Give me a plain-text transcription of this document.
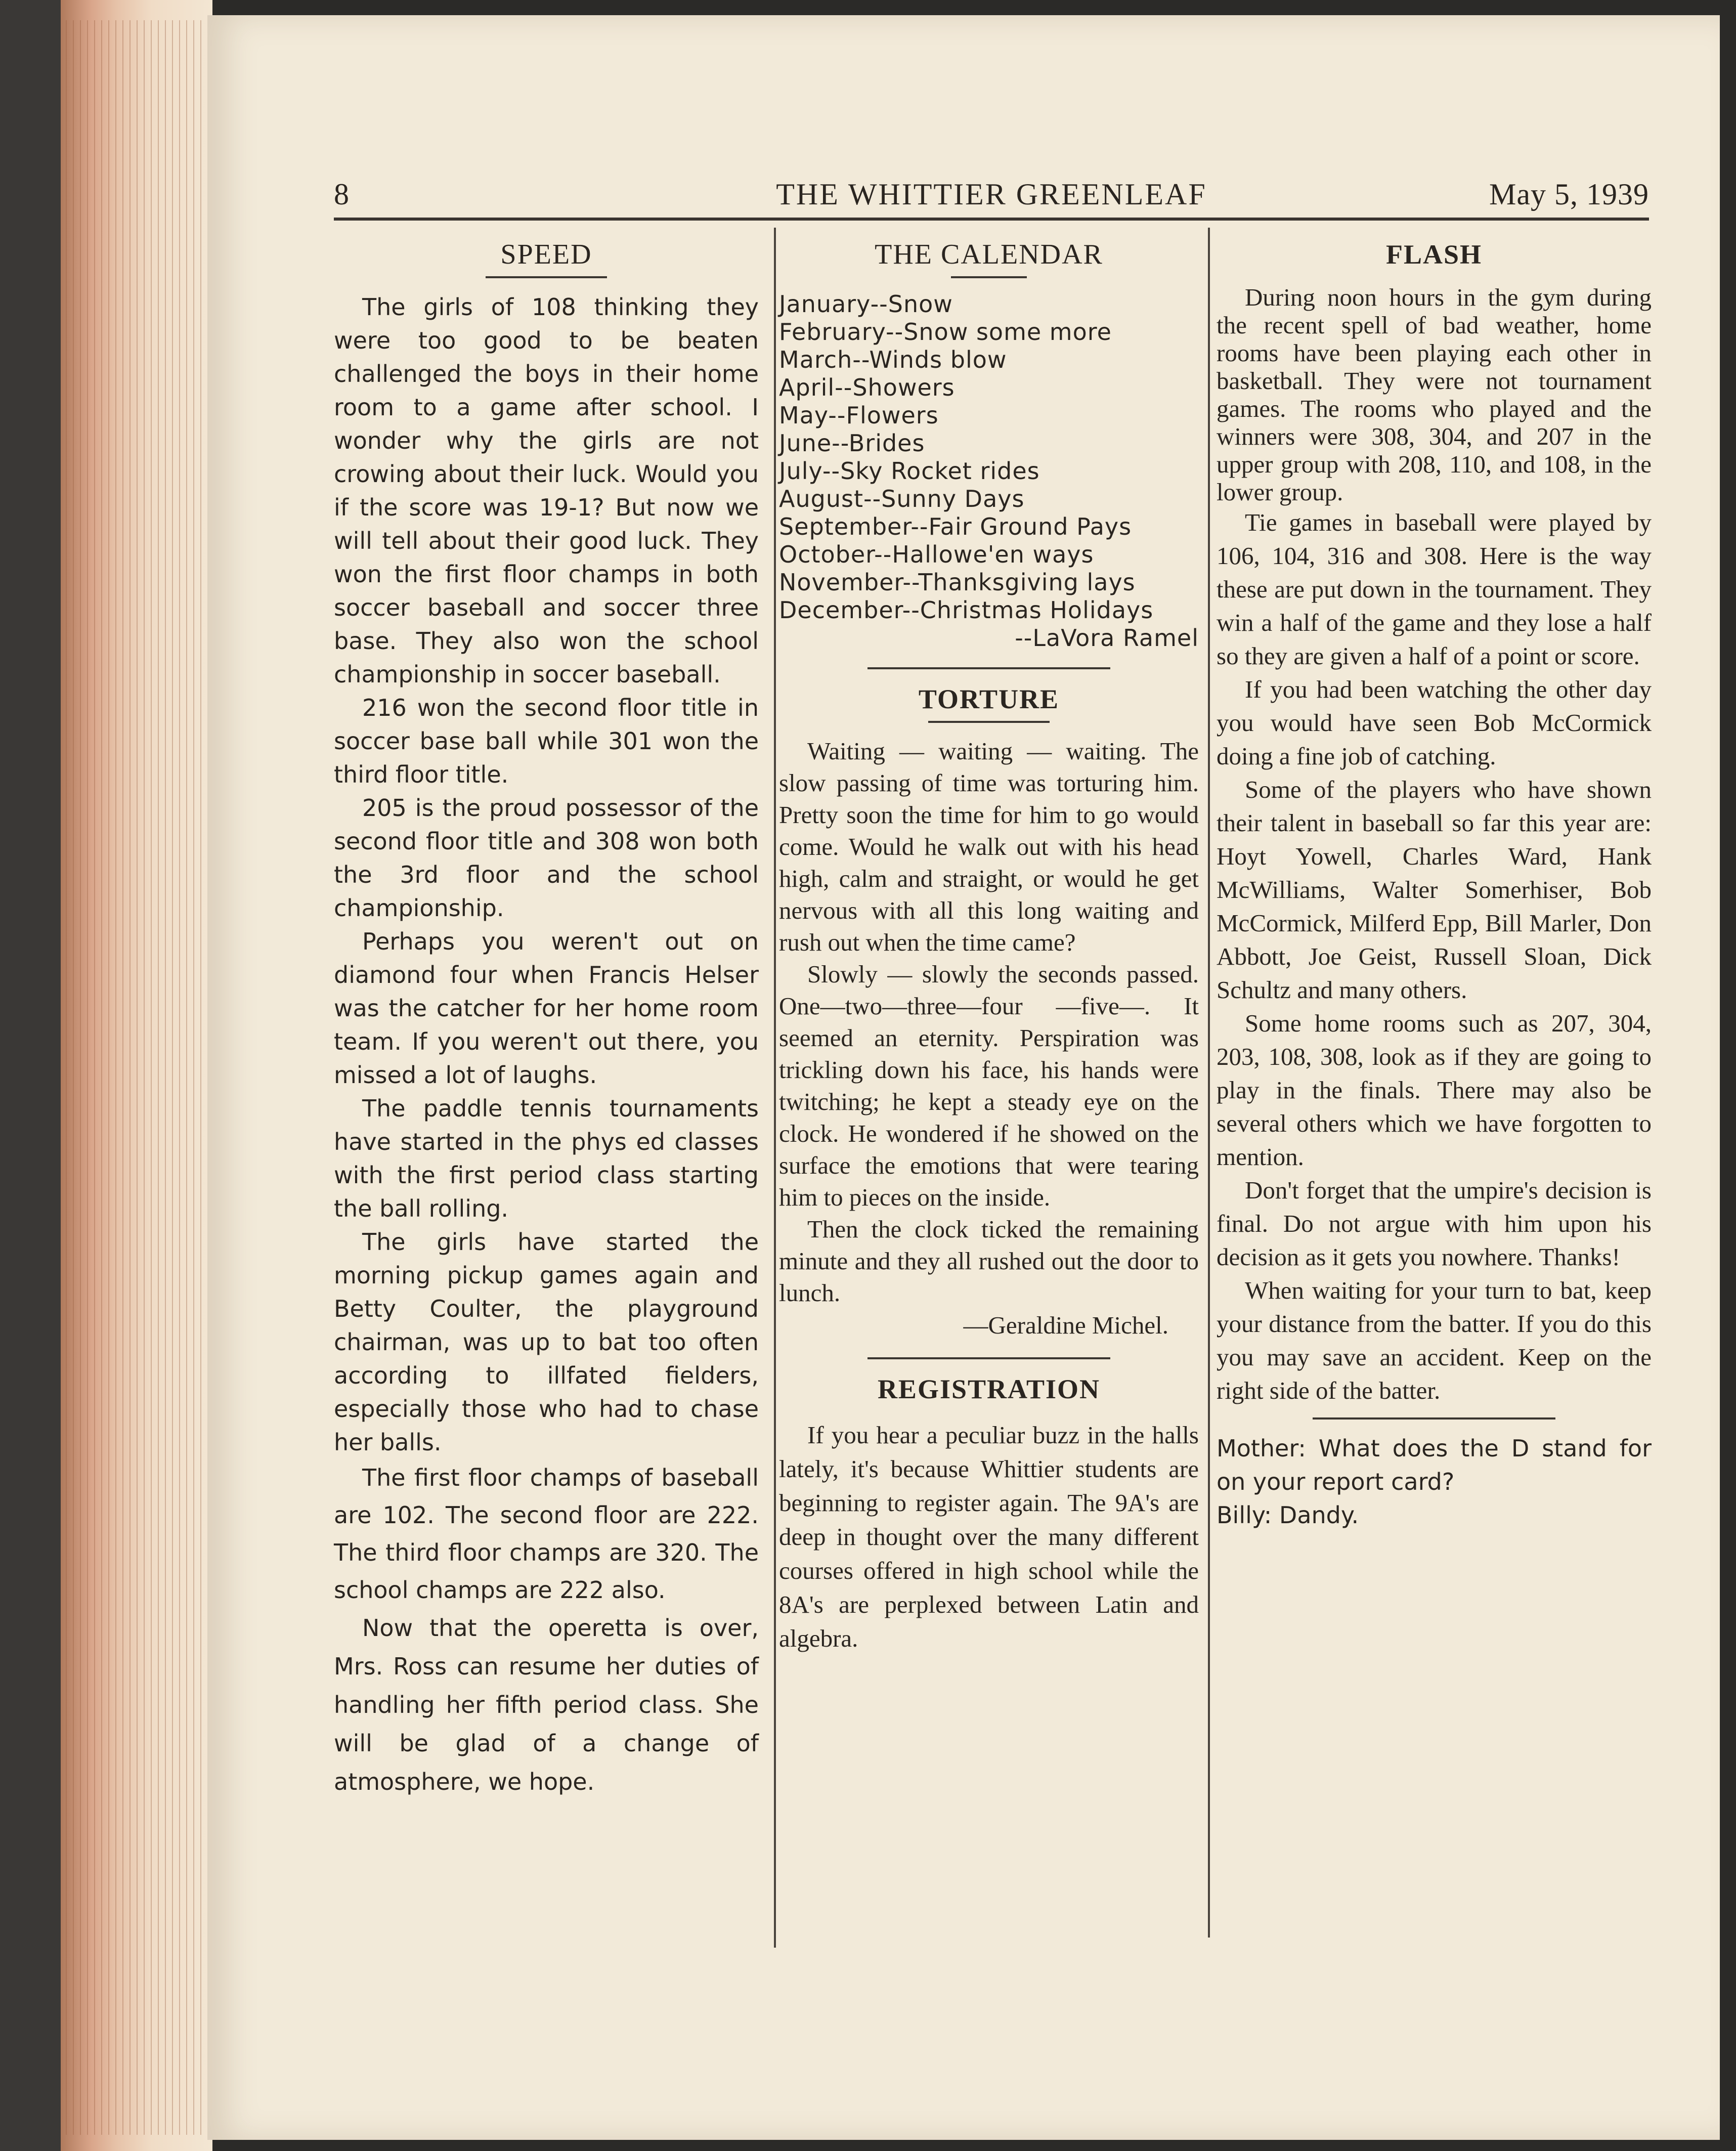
8	THE WHITTIER GREENLEAF	May 5, 1939
SPEED

The girls of 108 thinking they were too good to be beaten challenged the boys in their home room to a game after school. I wonder why the girls are not crowing about their luck. Would you if the score was 19-1? But now we will tell about their good luck. They won the first floor champs in both soccer baseball and soccer three base. They also won the school championship in soccer baseball.

216 won the second floor title in soccer base ball while 301 won the third floor title.

205 is the proud possessor of the second floor title and 308 won both the 3rd floor and the school championship.

Perhaps you weren't out on diamond four when Francis Helser was the catcher for her home room team. If you weren't out there, you missed a lot of laughs.

The paddle tennis tournaments have started in the phys ed classes with the first period class starting the ball rolling.

The girls have started the morning pickup games again and Betty Coulter, the playground chairman, was up to bat too often according to illfated fielders, especially those who had to chase her balls.

The first floor champs of baseball are 102. The second floor are 222. The third floor champs are 320. The school champs are 222 also.

Now that the operetta is over, Mrs. Ross can resume her duties of handling her fifth period class. She will be glad of a change of atmosphere, we hope.

THE CALENDAR

January--Snow

February--Snow some more

March--Winds blow

April--Showers

May--Flowers

June--Brides

July--Sky Rocket rides

August--Sunny Days

September--Fair Ground Pays

October--Hallowe'en ways

November--Thanksgiving lays

December--Christmas Holidays

--LaVora Ramel

TORTURE

Waiting — waiting — waiting. The slow passing of time was torturing him. Pretty soon the time for him to go would come. Would he walk out with his head high, calm and straight, or would he get nervous with all this long waiting and rush out when the time came?

Slowly — slowly the seconds passed. One—two—three—four —five—. It seemed an eternity. Perspiration was trickling down his face, his hands were twitching; he kept a steady eye on the clock. He wondered if he showed on the surface the emotions that were tearing him to pieces on the inside.

Then the clock ticked the remaining minute and they all rushed out the door to lunch.

—Geraldine Michel.

REGISTRATION

If you hear a peculiar buzz in the halls lately, it's because Whittier students are beginning to register again. The 9A's are deep in thought over the many different courses offered in high school while the 8A's are perplexed between Latin and algebra.

FLASH

During noon hours in the gym during the recent spell of bad weather, home rooms have been playing each other in basketball. They were not tournament games. The rooms who played and the winners were 308, 304, and 207 in the upper group with 208, 110, and 108, in the lower group.

Tie games in baseball were played by 106, 104, 316 and 308. Here is the way these are put down in the tournament. They win a half of the game and they lose a half so they are given a half of a point or score.

If you had been watching the other day you would have seen Bob McCormick doing a fine job of catching.

Some of the players who have shown their talent in baseball so far this year are: Hoyt Yowell, Charles Ward, Hank McWilliams, Walter Somerhiser, Bob McCormick, Milferd Epp, Bill Marler, Don Abbott, Joe Geist, Russell Sloan, Dick Schultz and many others.

Some home rooms such as 207, 304, 203, 108, 308, look as if they are going to play in the finals. There may also be several others which we have forgotten to mention.

Don't forget that the umpire's decision is final. Do not argue with him upon his decision as it gets you nowhere. Thanks!

When waiting for your turn to bat, keep your distance from the batter. If you do this you may save an accident. Keep on the right side of the batter.

Mother: What does the D stand for on your report card?

Billy: Dandy.
